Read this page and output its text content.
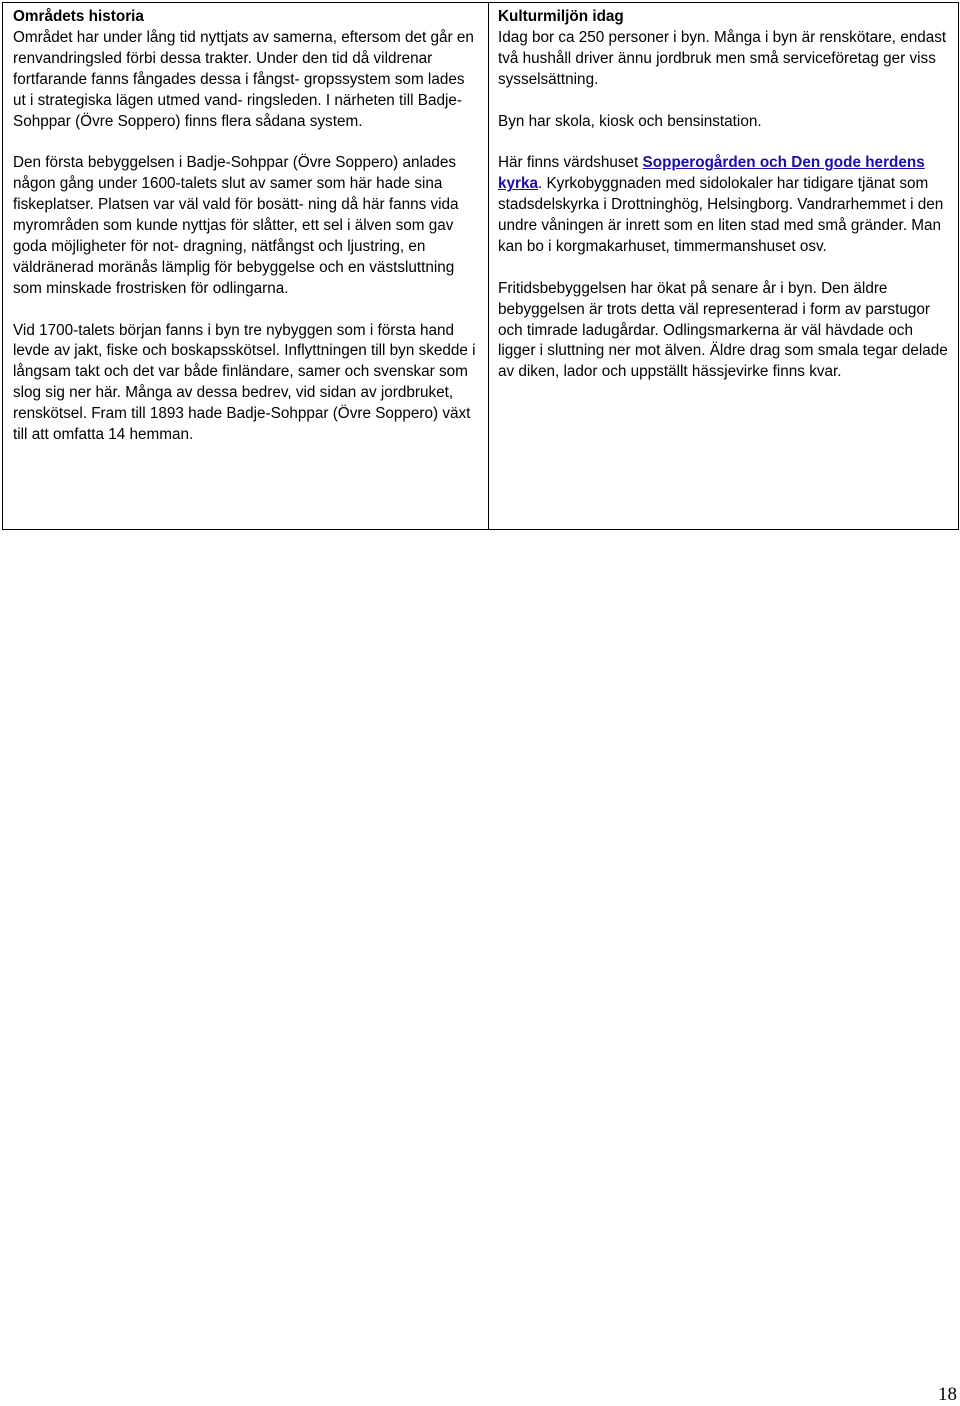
Områdets historia

Området har under lång tid nyttjats av samerna, eftersom det går en renvandringsled förbi dessa trakter. Under den tid då vildrenar fortfarande fanns fångades dessa i fångst- gropssystem som lades ut i strategiska lägen utmed vand- ringsleden. I närheten till Badje-Sohppar (Övre Soppero) finns flera sådana system.

Den första bebyggelsen i Badje-Sohppar (Övre Soppero) anlades någon gång under 1600-talets slut av samer som här hade sina fiskeplatser. Platsen var väl vald för bosätt- ning då här fanns vida myrområden som kunde nyttjas för slåtter, ett sel i älven som gav goda möjligheter för not- dragning, nätfångst och ljustring, en väldränerad moränås lämplig för bebyggelse och en västsluttning som minskade frostrisken för odlingarna.

Vid 1700-talets början fanns i byn tre nybyggen som i första hand levde av jakt, fiske och boskapsskötsel. Inflyttningen till byn skedde i långsam takt och det var både finländare, samer och svenskar som slog sig ner här. Många av dessa bedrev, vid sidan av jordbruket, renskötsel. Fram till 1893 hade Badje-Sohppar (Övre Soppero) växt till att omfatta 14 hemman.

Kulturmiljön idag

Idag bor ca 250 personer i byn. Många i byn är renskötare, endast två hushåll driver ännu jordbruk men små serviceföretag ger viss sysselsättning.

Byn har skola, kiosk och bensinstation.

Här finns värdshuset Sopperogården och Den gode herdens kyrka. Kyrkobyggnaden med sidolokaler har tidigare tjänat som stadsdelskyrka i Drottninghög, Helsingborg. Vandrarhemmet i den undre våningen är inrett som en liten stad med små gränder. Man kan bo i korgmakarhuset, timmermanshuset osv.

Fritidsbebyggelsen har ökat på senare år i byn. Den äldre bebyggelsen är trots detta väl representerad i form av parstugor och timrade ladugårdar. Odlingsmarkerna är väl hävdade och ligger i sluttning ner mot älven. Äldre drag som smala tegar delade av diken, lador och uppställt hässjevirke finns kvar.

18
